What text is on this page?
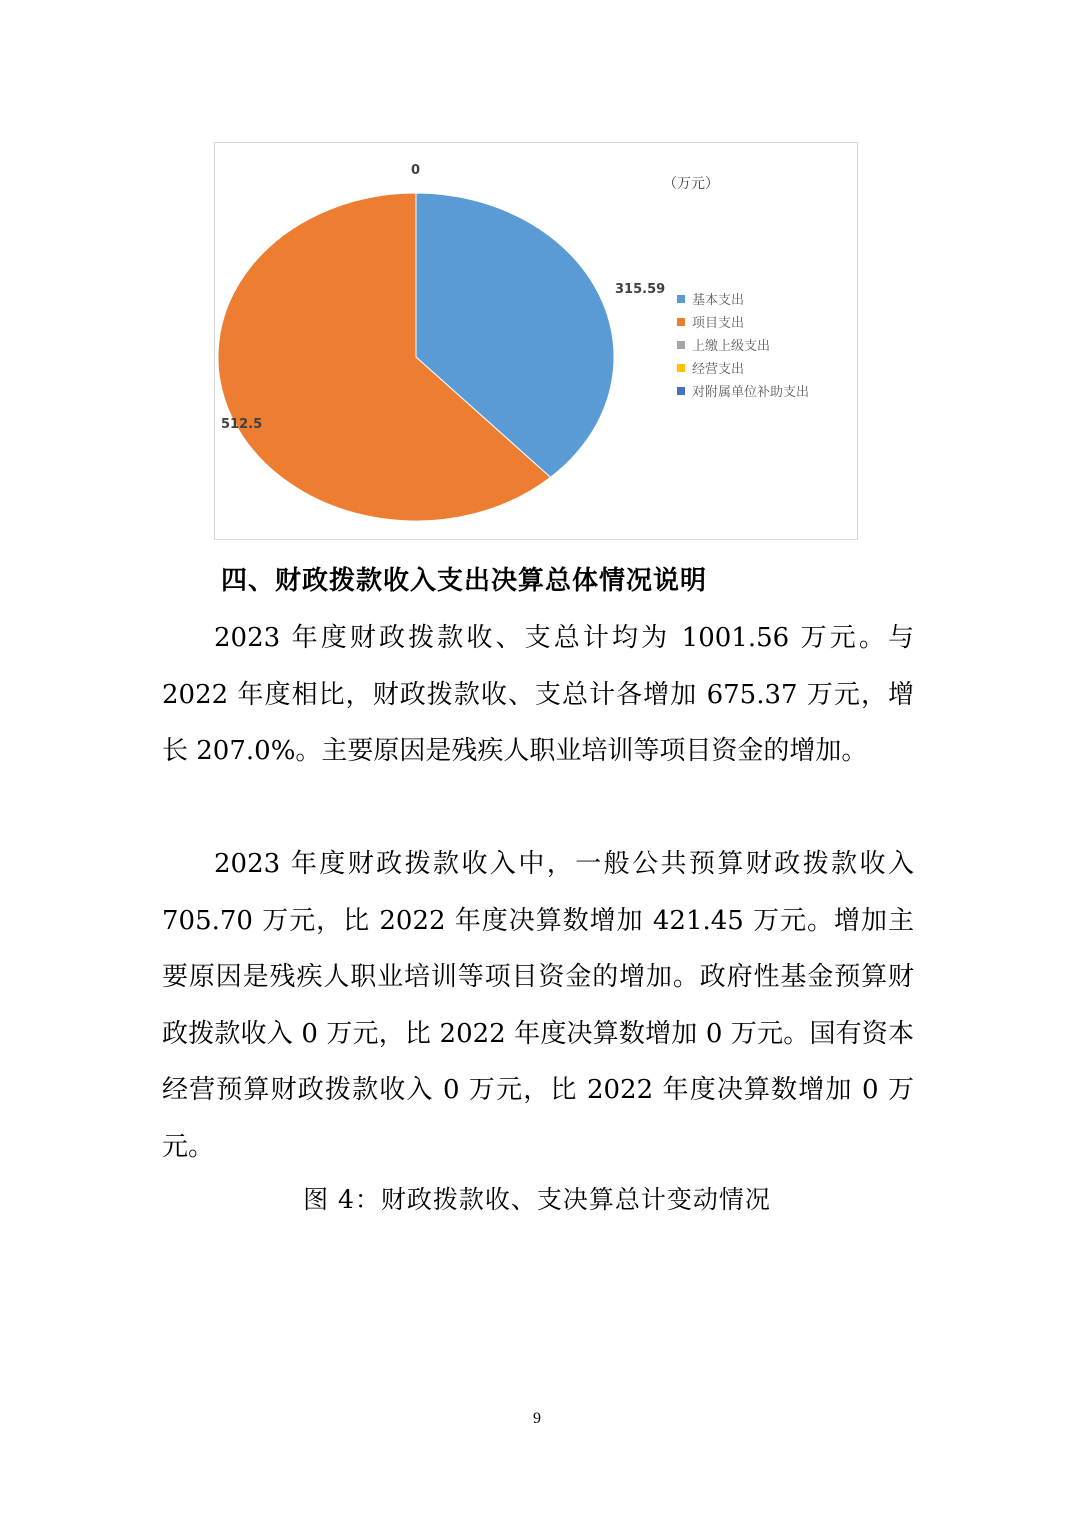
（万元）
0
315.59
512.5
基本支出
项目支出
上缴上级支出
经营支出
对附属单位补助支出
四、财政拨款收入支出决算总体情况说明

2023 年度财政拨款收、支总计均为 1001.56 万元。与 2022 年度相比，财政拨款收、支总计各增加 675.37 万元，增长 207.0%。主要原因是残疾人职业培训等项目资金的增加。

2023 年度财政拨款收入中，一般公共预算财政拨款收入 705.70 万元，比 2022 年度决算数增加 421.45 万元。增加主要原因是残疾人职业培训等项目资金的增加。政府性基金预算财政拨款收入 0 万元，比 2022 年度决算数增加 0 万元。国有资本经营预算财政拨款收入 0 万元，比 2022 年度决算数增加 0 万元。

图 4：财政拨款收、支决算总计变动情况
9
